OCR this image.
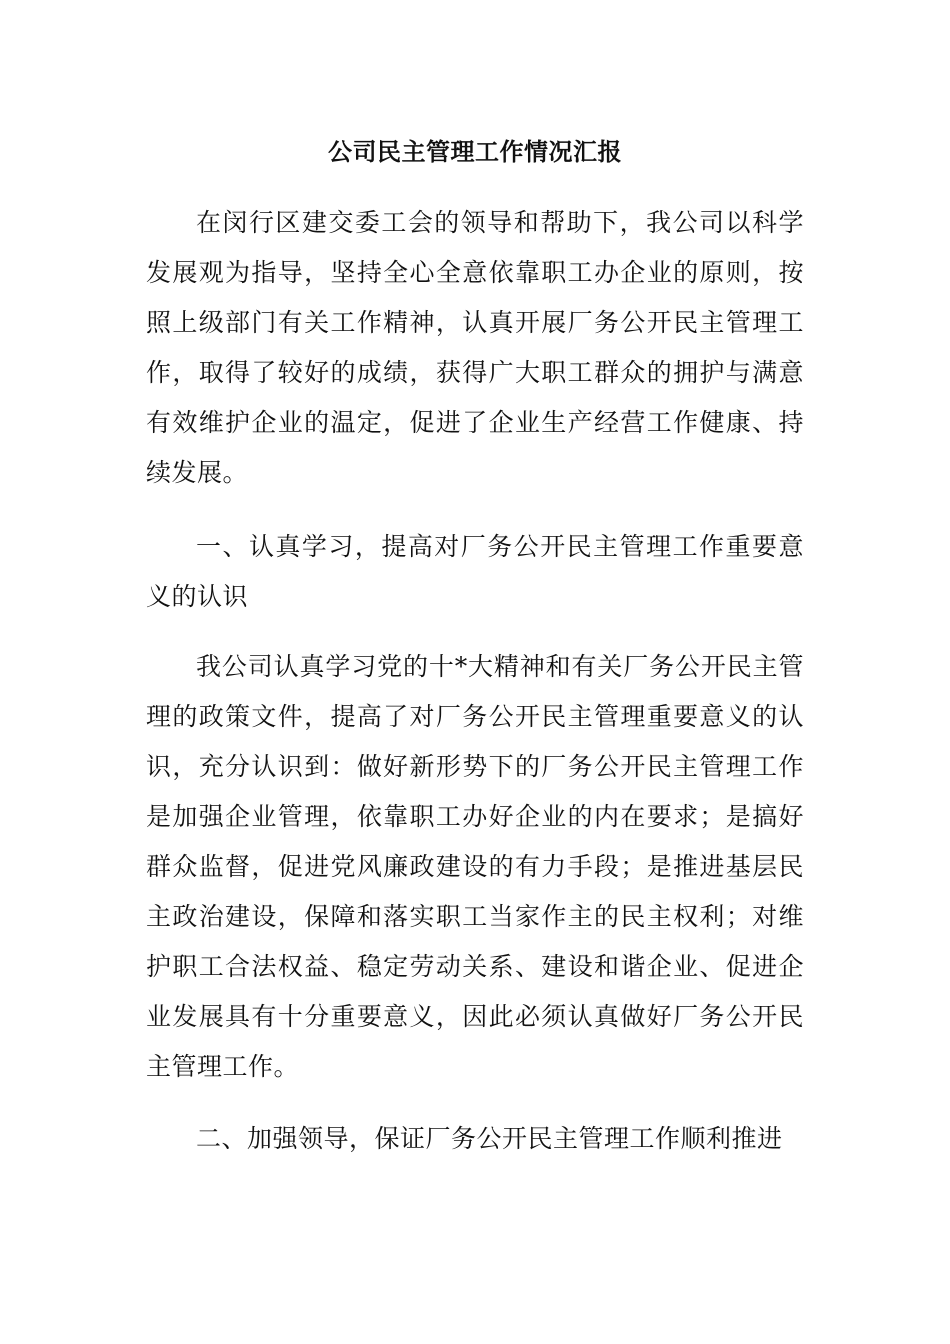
公司民主管理工作情况汇报

在闵行区建交委工会的领导和帮助下，我公司以科学发展观为指导，坚持全心全意依靠职工办企业的原则，按照上级部门有关工作精神，认真开展厂务公开民主管理工作，取得了较好的成绩，获得广大职工群众的拥护与满意有效维护企业的温定，促进了企业生产经营工作健康、持续发展。

一、认真学习，提高对厂务公开民主管理工作重要意义的认识

我公司认真学习党的十*大精神和有关厂务公开民主管理的政策文件，提高了对厂务公开民主管理重要意义的认识，充分认识到：做好新形势下的厂务公开民主管理工作是加强企业管理，依靠职工办好企业的内在要求；是搞好群众监督，促进党风廉政建设的有力手段；是推进基层民主政治建设，保障和落实职工当家作主的民主权利；对维护职工合法权益、稳定劳动关系、建设和谐企业、促进企业发展具有十分重要意义，因此必须认真做好厂务公开民主管理工作。

二、加强领导，保证厂务公开民主管理工作顺利推进
